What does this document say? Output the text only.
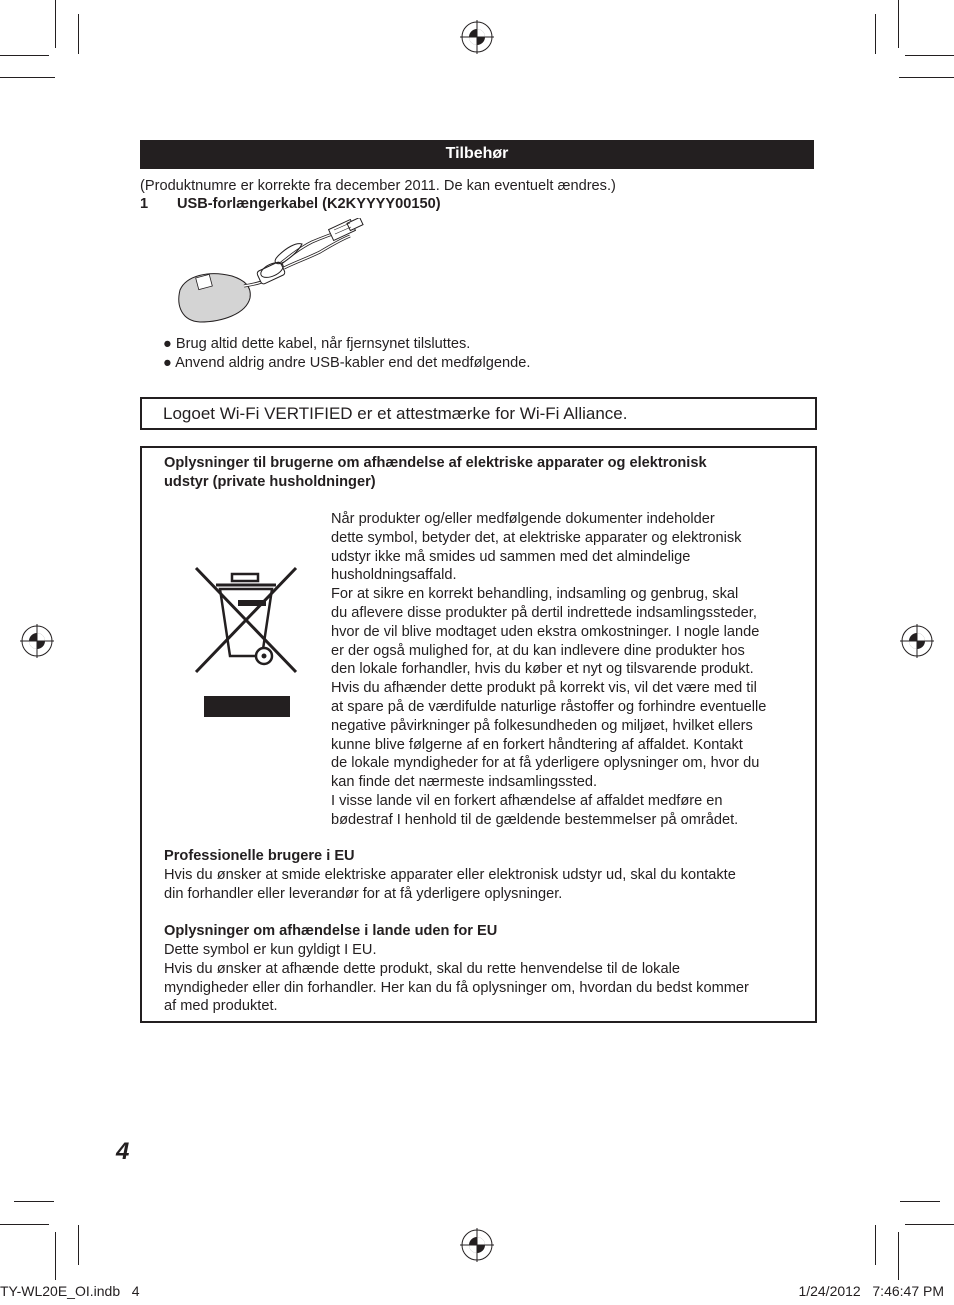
Tilbehør
(Produktnumre er korrekte fra december 2011. De kan eventuelt ændres.)
1 USB-forlængerkabel (K2KYYYY00150)
● Brug altid dette kabel, når fjernsynet tilsluttes.
● Anvend aldrig andre USB-kabler end det medfølgende.
Logoet Wi-Fi VERTIFIED er et attestmærke for Wi-Fi Alliance.
Oplysninger til brugerne om afhændelse af elektriske apparater og elektronisk
udstyr (private husholdninger)
Når produkter og/eller medfølgende dokumenter indeholder
dette symbol, betyder det, at elektriske apparater og elektronisk
udstyr ikke må smides ud sammen med det almindelige
husholdningsaffald.
For at sikre en korrekt behandling, indsamling og genbrug, skal
du aflevere disse produkter på dertil indrettede indsamlingssteder,
hvor de vil blive modtaget uden ekstra omkostninger. I nogle lande
er der også mulighed for, at du kan indlevere dine produkter hos
den lokale forhandler, hvis du køber et nyt og tilsvarende produkt.
Hvis du afhænder dette produkt på korrekt vis, vil det være med til
at spare på de værdifulde naturlige råstoffer og forhindre eventuelle
negative påvirkninger på folkesundheden og miljøet, hvilket ellers
kunne blive følgerne af en forkert håndtering af affaldet. Kontakt
de lokale myndigheder for at få yderligere oplysninger om, hvor du
kan finde det nærmeste indsamlingssted.
I visse lande vil en forkert afhændelse af affaldet medføre en
bødestraf I henhold til de gældende bestemmelser på området.
Professionelle brugere i EU
Hvis du ønsker at smide elektriske apparater eller elektronisk udstyr ud, skal du kontakte
din forhandler eller leverandør for at få yderligere oplysninger.
Oplysninger om afhændelse i lande uden for EU
Dette symbol er kun gyldigt I EU.
Hvis du ønsker at afhænde dette produkt, skal du rette henvendelse til de lokale
myndigheder eller din forhandler. Her kan du få oplysninger om, hvordan du bedst kommer
af med produktet.
4
TY-WL20E_OI.indb   4	1/24/2012   7:46:47 PM
